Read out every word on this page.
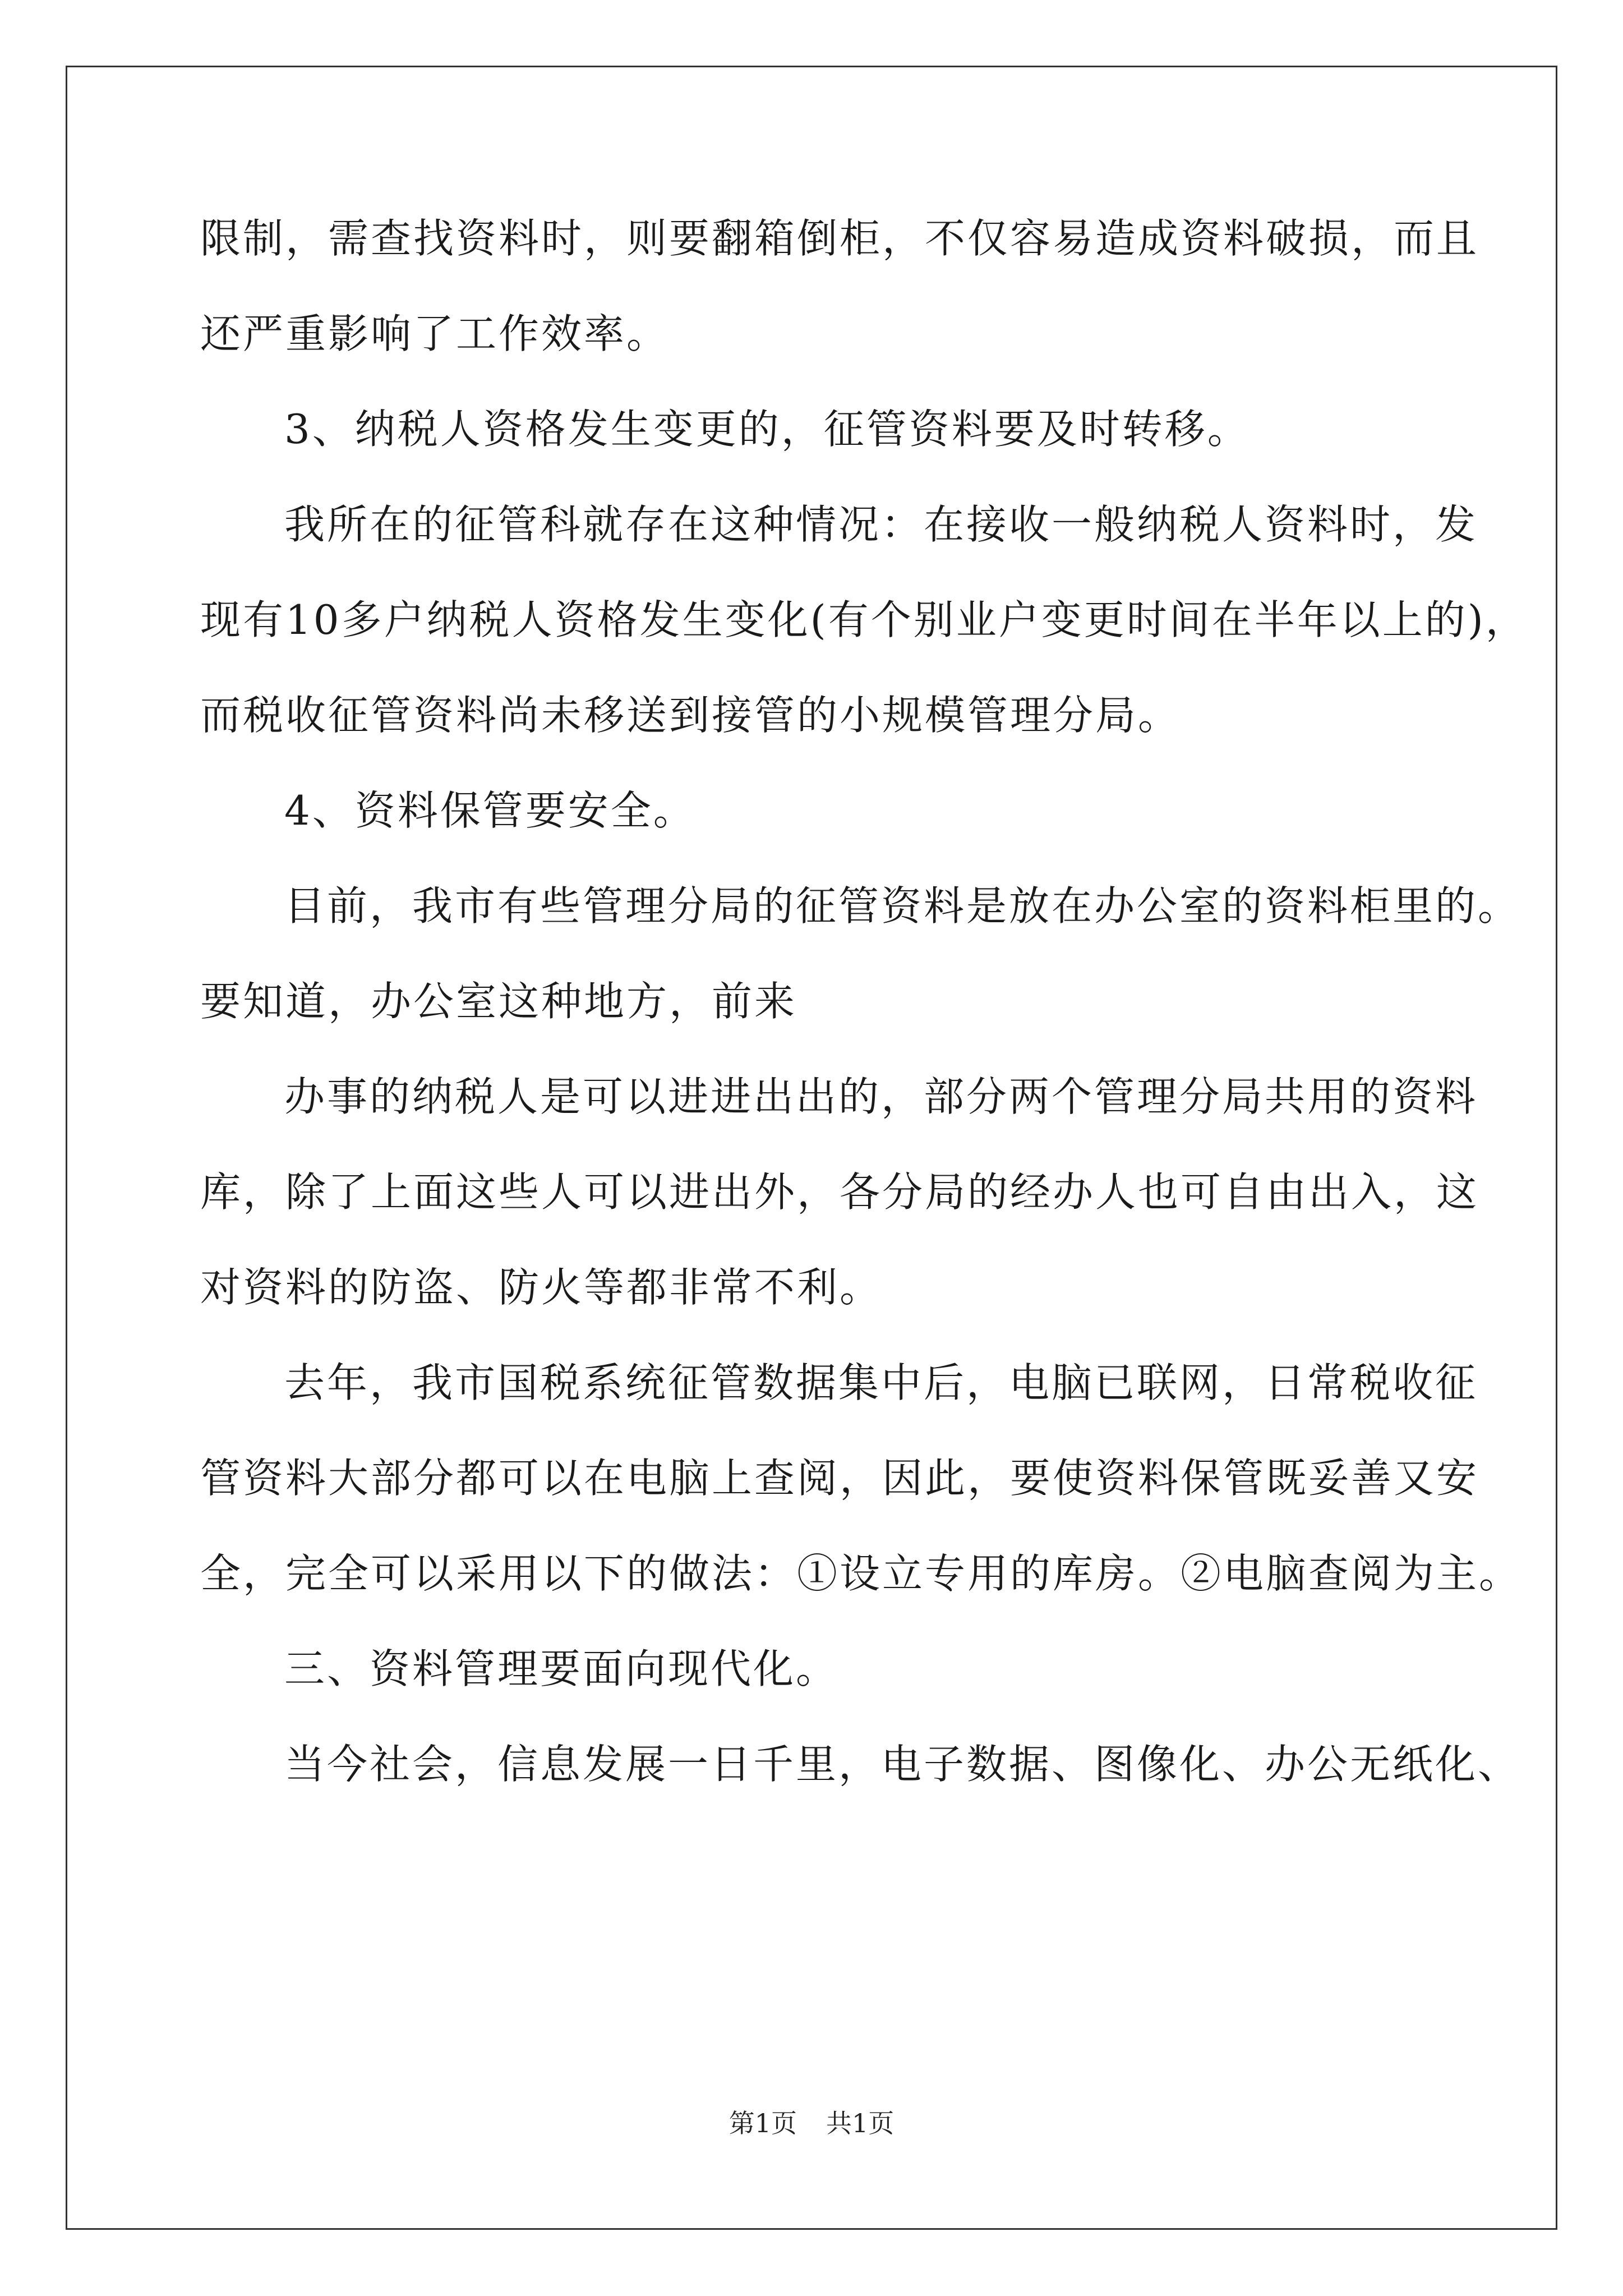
限制，需查找资料时，则要翻箱倒柜，不仅容易造成资料破损，而且
还严重影响了工作效率。
3、纳税人资格发生变更的，征管资料要及时转移。
我所在的征管科就存在这种情况：在接收一般纳税人资料时，发
现有10多户纳税人资格发生变化(有个别业户变更时间在半年以上的)，
而税收征管资料尚未移送到接管的小规模管理分局。
4、资料保管要安全。
目前，我市有些管理分局的征管资料是放在办公室的资料柜里的。
要知道，办公室这种地方，前来
办事的纳税人是可以进进出出的，部分两个管理分局共用的资料
库，除了上面这些人可以进出外，各分局的经办人也可自由出入，这
对资料的防盗、防火等都非常不利。
去年，我市国税系统征管数据集中后，电脑已联网，日常税收征
管资料大部分都可以在电脑上查阅，因此，要使资料保管既妥善又安
全，完全可以采用以下的做法：①设立专用的库房。②电脑查阅为主。
三、资料管理要面向现代化。
当今社会，信息发展一日千里，电子数据、图像化、办公无纸化、
第1页 共1页
